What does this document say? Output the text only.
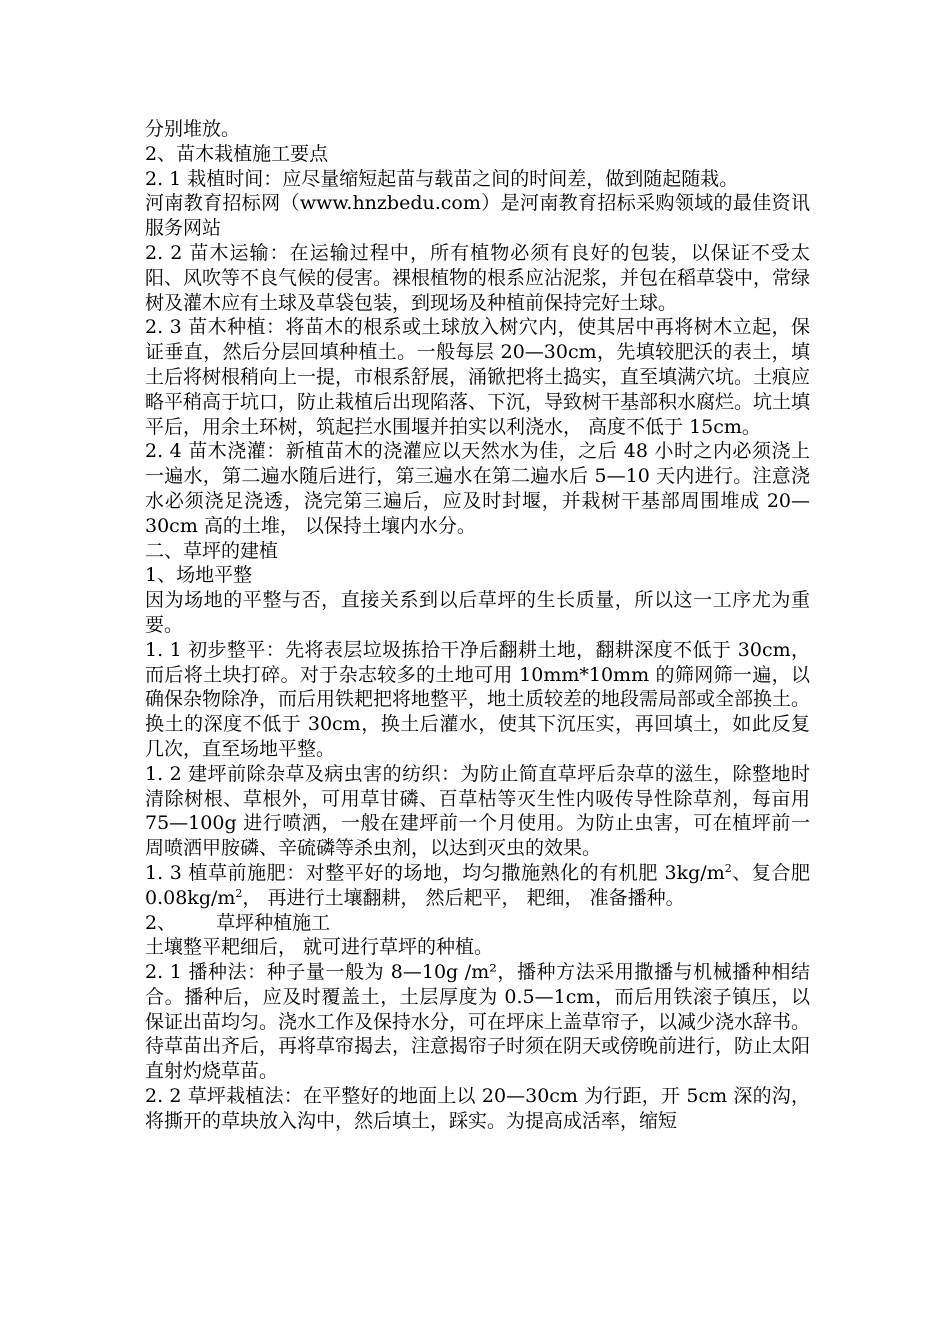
分别堆放。

2、苗木栽植施工要点

2. 1 栽植时间：应尽量缩短起苗与载苗之间的时间差，做到随起随栽。

河南教育招标网（www.hnzbedu.com）是河南教育招标采购领域的最佳资讯服务网站

2. 2 苗木运输：在运输过程中，所有植物必须有良好的包装，以保证不受太阳、风吹等不良气候的侵害。裸根植物的根系应沾泥浆，并包在稻草袋中，常绿树及灌木应有土球及草袋包装，到现场及种植前保持完好土球。

2. 3 苗木种植：将苗木的根系或土球放入树穴内，使其居中再将树木立起，保证垂直，然后分层回填种植土。一般每层 20—30cm，先填较肥沃的表土，填土后将树根稍向上一提，市根系舒展，涌锨把将土捣实，直至填满穴坑。土痕应略平稍高于坑口，防止栽植后出现陷落、下沉，导致树干基部积水腐烂。坑土填平后，用余土环树，筑起拦水围堰并拍实以利浇水， 高度不低于 15cm。

2. 4 苗木浇灌：新植苗木的浇灌应以天然水为佳，之后 48 小时之内必须浇上一遍水，第二遍水随后进行，第三遍水在第二遍水后 5—10 天内进行。注意浇水必须浇足浇透，浇完第三遍后，应及时封堰，并栽树干基部周围堆成 20—30cm 高的土堆， 以保持土壤内水分。

二、草坪的建植

1、场地平整

因为场地的平整与否，直接关系到以后草坪的生长质量，所以这一工序尤为重要。

1. 1 初步整平：先将表层垃圾拣拾干净后翻耕土地，翻耕深度不低于 30cm，而后将土块打碎。对于杂志较多的土地可用 10mm*10mm 的筛网筛一遍，以确保杂物除净，而后用铁耙把将地整平，地土质较差的地段需局部或全部换土。换土的深度不低于 30cm，换土后灌水，使其下沉压实，再回填土，如此反复几次，直至场地平整。

1. 2 建坪前除杂草及病虫害的纺织：为防止简直草坪后杂草的滋生，除整地时清除树根、草根外，可用草甘磷、百草枯等灭生性内吸传导性除草剂，每亩用 75—100g 进行喷洒，一般在建坪前一个月使用。为防止虫害，可在植坪前一周喷洒甲胺磷、辛硫磷等杀虫剂，以达到灭虫的效果。

1. 3 植草前施肥：对整平好的场地，均匀撒施熟化的有机肥 $3kg/m^2$、复合肥 $0.08kg/m^2$， 再进行土壤翻耕， 然后耙平， 耙细， 准备播种。

2、 草坪种植施工

土壤整平耙细后， 就可进行草坪的种植。

2. 1 播种法：种子量一般为 8—10g /m²，播种方法采用撒播与机械播种相结合。播种后，应及时覆盖土，土层厚度为 0.5—1cm，而后用铁滚子镇压，以保证出苗均匀。浇水工作及保持水分，可在坪床上盖草帘子，以减少浇水辞书。待草苗出齐后，再将草帘揭去，注意揭帘子时须在阴天或傍晚前进行，防止太阳直射灼烧草苗。

2. 2 草坪栽植法：在平整好的地面上以 20—30cm 为行距，开 5cm 深的沟，将撕开的草块放入沟中，然后填土，踩实。为提高成活率，缩短
